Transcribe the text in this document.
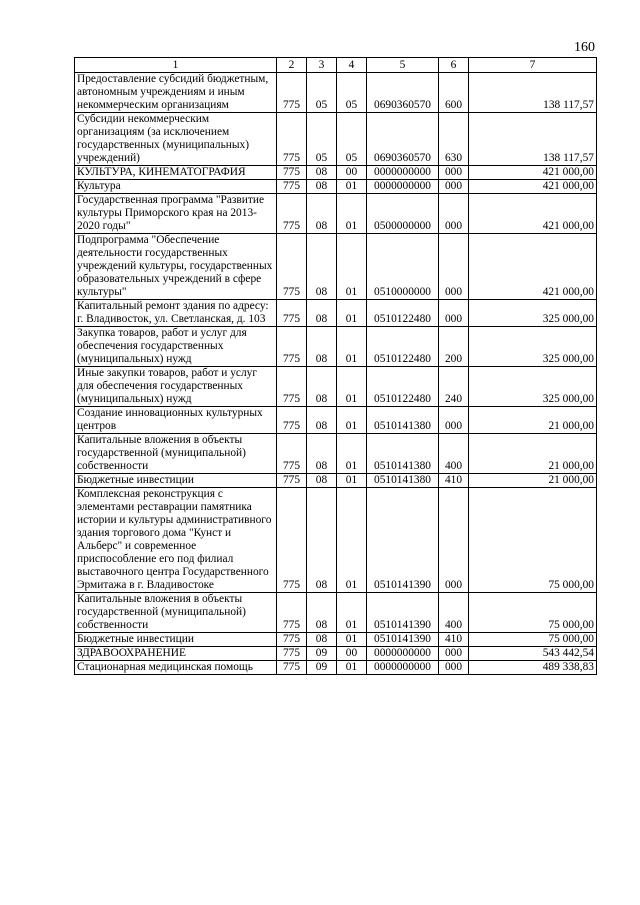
160
1	2	3	4	5	6	7
Предоставление субсидий бюджетным, автономным учреждениям и иным некоммерческим организациям	775	05	05	0690360570	600	138 117,57
Субсидии некоммерческим организациям (за исключением государственных (муниципальных) учреждений)	775	05	05	0690360570	630	138 117,57
КУЛЬТУРА, КИНЕМАТОГРАФИЯ	775	08	00	0000000000	000	421 000,00
Культура	775	08	01	0000000000	000	421 000,00
Государственная программа "Развитие культуры Приморского края на 2013-2020 годы"	775	08	01	0500000000	000	421 000,00
Подпрограмма "Обеспечение деятельности государственных учреждений культуры, государственных образовательных учреждений в сфере культуры"	775	08	01	0510000000	000	421 000,00
Капитальный ремонт здания по адресу: г. Владивосток, ул. Светланская, д. 103	775	08	01	0510122480	000	325 000,00
Закупка товаров, работ и услуг для обеспечения государственных (муниципальных) нужд	775	08	01	0510122480	200	325 000,00
Иные закупки товаров, работ и услуг для обеспечения государственных (муниципальных) нужд	775	08	01	0510122480	240	325 000,00
Создание инновационных культурных центров	775	08	01	0510141380	000	21 000,00
Капитальные вложения в объекты государственной (муниципальной) собственности	775	08	01	0510141380	400	21 000,00
Бюджетные инвестиции	775	08	01	0510141380	410	21 000,00
Комплексная реконструкция с элементами реставрации памятника истории и культуры административного здания торгового дома "Кунст и Альберс" и современное приспособление его под филиал выставочного центра Государственного Эрмитажа в г. Владивостоке	775	08	01	0510141390	000	75 000,00
Капитальные вложения в объекты государственной (муниципальной) собственности	775	08	01	0510141390	400	75 000,00
Бюджетные инвестиции	775	08	01	0510141390	410	75 000,00
ЗДРАВООХРАНЕНИЕ	775	09	00	0000000000	000	543 442,54
Стационарная медицинская помощь	775	09	01	0000000000	000	489 338,83
